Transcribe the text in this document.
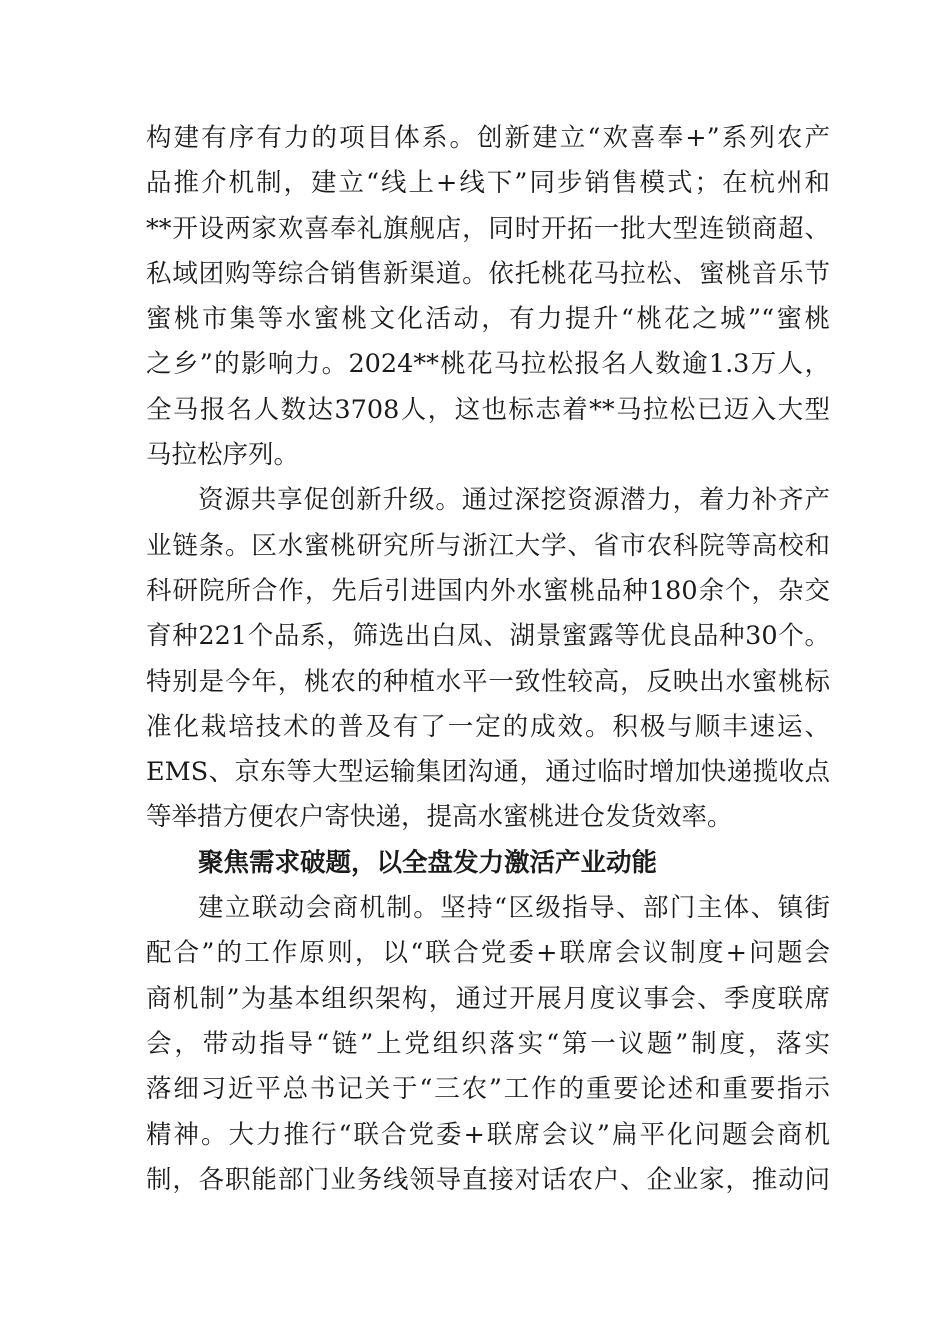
构建有序有力的项目体系。创新建立“欢喜奉+”系列农产
品推介机制，建立“线上+线下”同步销售模式；在杭州和
**开设两家欢喜奉礼旗舰店，同时开拓一批大型连锁商超、
私域团购等综合销售新渠道。依托桃花马拉松、蜜桃音乐节
蜜桃市集等水蜜桃文化活动，有力提升“桃花之城”“蜜桃
之乡”的影响力。2024**桃花马拉松报名人数逾1.3万人，
全马报名人数达3708人，这也标志着**马拉松已迈入大型
马拉松序列。
资源共享促创新升级。通过深挖资源潜力，着力补齐产
业链条。区水蜜桃研究所与浙江大学、省市农科院等高校和
科研院所合作，先后引进国内外水蜜桃品种180余个，杂交
育种221个品系，筛选出白凤、湖景蜜露等优良品种30个。
特别是今年，桃农的种植水平一致性较高，反映出水蜜桃标
准化栽培技术的普及有了一定的成效。积极与顺丰速运、
EMS、京东等大型运输集团沟通，通过临时增加快递揽收点
等举措方便农户寄快递，提高水蜜桃进仓发货效率。
聚焦需求破题，以全盘发力激活产业动能
建立联动会商机制。坚持“区级指导、部门主体、镇街
配合”的工作原则，以“联合党委+联席会议制度+问题会
商机制”为基本组织架构，通过开展月度议事会、季度联席
会，带动指导“链”上党组织落实“第一议题”制度，落实
落细习近平总书记关于“三农”工作的重要论述和重要指示
精神。大力推行“联合党委+联席会议”扁平化问题会商机
制，各职能部门业务线领导直接对话农户、企业家，推动问
